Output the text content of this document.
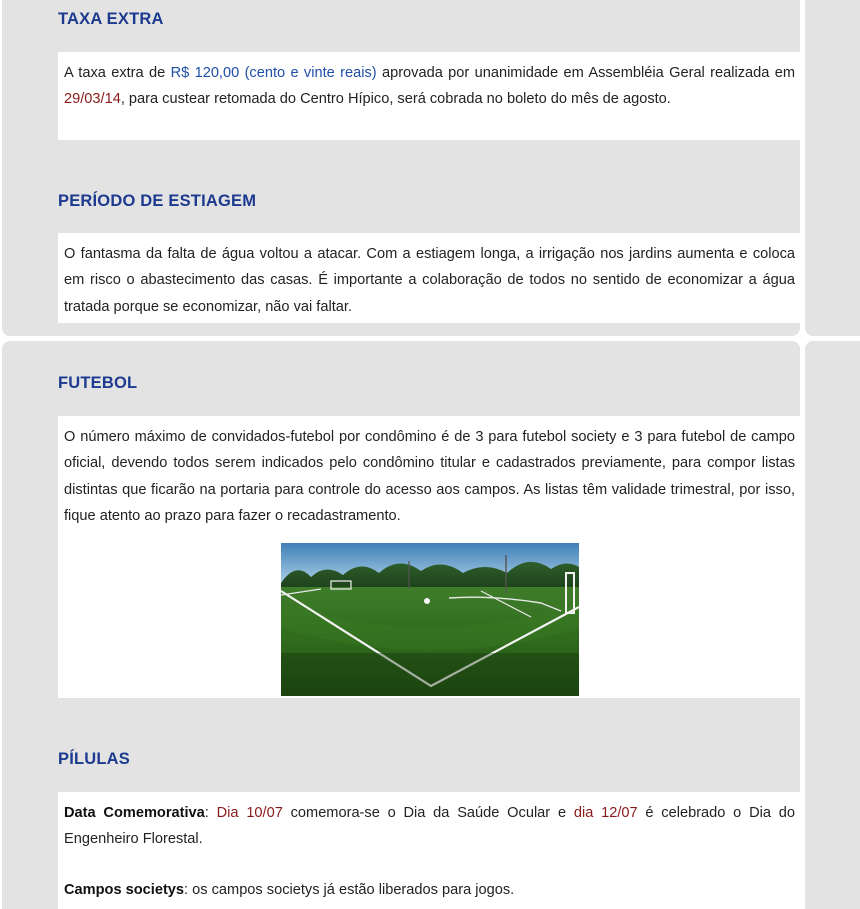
✦
TAXA EXTRA
A taxa extra de R$ 120,00 (cento e vinte reais) aprovada por unanimidade em Assembléia Geral realizada em 29/03/14, para custear retomada do Centro Hípico, será cobrada no boleto do mês de agosto.
PERÍODO DE ESTIAGEM
O fantasma da falta de água voltou a atacar. Com a estiagem longa, a irrigação nos jardins aumenta e coloca em risco o abastecimento das casas. É importante a colaboração de todos no sentido de economizar a água tratada porque se economizar, não vai faltar.
FUTEBOL
O número máximo de convidados-futebol por condômino é de 3 para futebol society e 3 para futebol de campo oficial, devendo todos serem indicados pelo condômino titular e cadastrados previamente, para compor listas distintas que ficarão na portaria para controle do acesso aos campos. As listas têm validade trimestral, por isso, fique atento ao prazo para fazer o recadastramento.
PÍLULAS
Data Comemorativa: Dia 10/07 comemora-se o Dia da Saúde Ocular e dia 12/07 é celebrado o Dia do Engenheiro Florestal.
Campos societys: os campos societys já estão liberados para jogos.
